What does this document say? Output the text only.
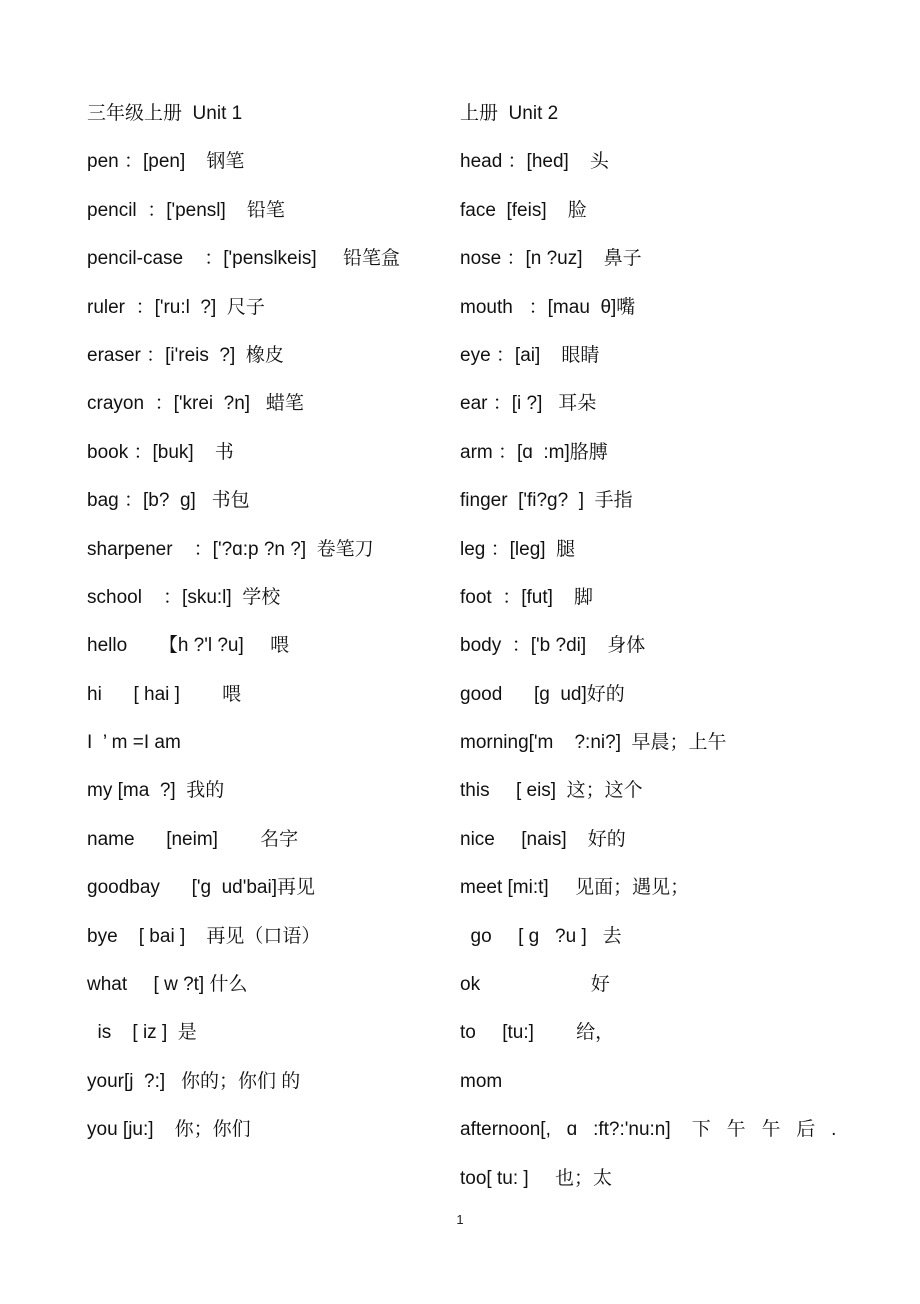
三年级上册  Unit 1
pen ：[pen]    钢笔
pencil  ：['pensl]    铅笔
pencil-case    ：['penslkeis]     铅笔盒
ruler  ：['ru:l  ?]  尺子
eraser ：[i'reis  ?]  橡皮
crayon  ：['krei  ?n]   蜡笔
book ：[buk]    书
bag ：[b?  g]   书包
sharpener    ：['?ɑ:p ?n ?]  卷笔刀
school    ：[sku:l]  学校
hello      【h ?'l ?u]     喂
hi      [ hai ]        喂
I  ’ m =I am
my [ma  ?]  我的
name      [neim]        名字
goodbay      ['ɡ  ud'bai]再见
bye    [ bai ]    再见（口语）
what     [ w ?t] 什么
is    [ iz ]  是
your[j  ?:]   你的；你们 的
you [ju:]    你；你们
上册  Unit 2
head ：[hed]    头
face  [feis]    脸
nose ：[n ?uz]    鼻子
mouth   ：[mau  θ]嘴
eye ：[ai]    眼睛
ear ：[i ?]   耳朵
arm ：[ɑ  :m]胳膊
finger  ['fi?g?  ]  手指
leg ：[leg]  腿
foot  ：[fut]    脚
body  ：['b ?di]    身体
good      [ɡ  ud]好的
morning['m    ?:ni?]  早晨；上午
this     [ eis]  这；这个
nice     [nais]    好的
meet [mi:t]     见面；遇见；
go     [ ɡ   ?u ]   去
ok                     好
to     [tu:]        给，
mom
afternoon[,   ɑ   :ft?:'nu:n]    下   午   午   后   .
too[ tu: ]     也；太
1
